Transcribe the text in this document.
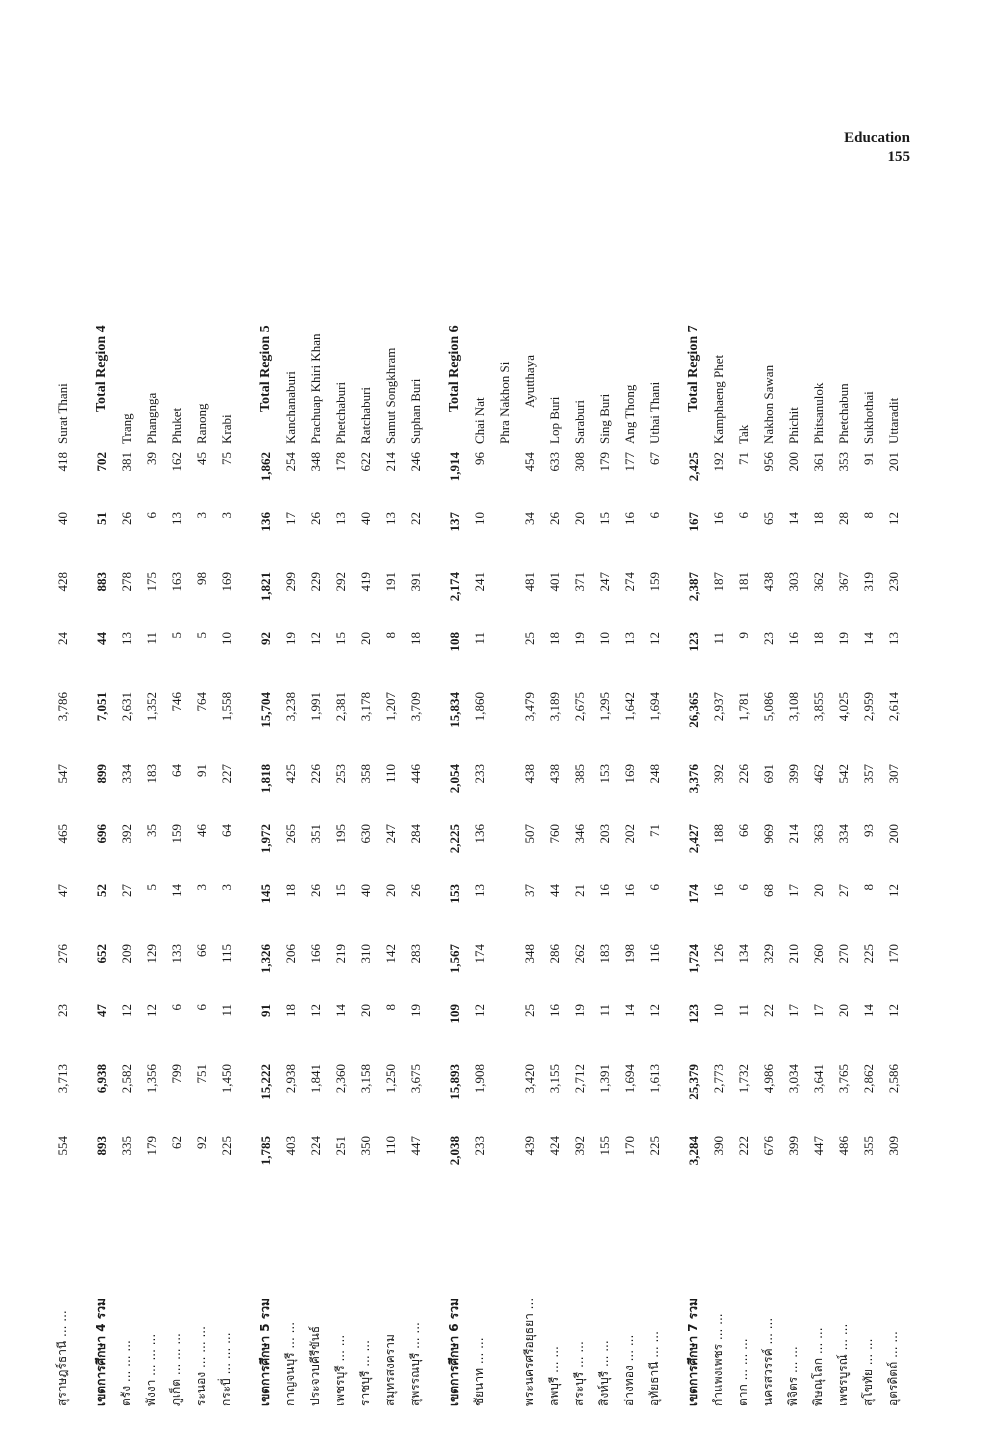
Education
155
สุราษฎร์ธานี ... ...	554	3,713	23	276	47	465	547	3,786	24	428	40	418	Surat Thani

เขตการศึกษา 4 รวม	893	6,938	47	652	52	696	899	7,051	44	883	51	702	Total Region 4
ตรัง ... ... ...	335	2,582	12	209	27	392	334	2,631	13	278	26	381	Trang
พังงา ... ... ...	179	1,356	12	129	5	35	183	1,352	11	175	6	39	Phangnga
ภูเก็ต ... ... ...	62	799	6	133	14	159	64	746	5	163	13	162	Phuket
ระนอง ... ... ...	92	751	6	66	3	46	91	764	5	98	3	45	Ranong
กระบี่ ... ... ...	225	1,450	11	115	3	64	227	1,558	10	169	3	75	Krabi

เขตการศึกษา 5 รวม	1,785	15,222	91	1,326	145	1,972	1,818	15,704	92	1,821	136	1,862	Total Region 5
กาญจนบุรี ... ...	403	2,938	18	206	18	265	425	3,238	19	299	17	254	Kanchanaburi
ประจวบคีรีขันธ์	224	1,841	12	166	26	351	226	1,991	12	229	26	348	Prachuap Khiri Khan
เพชรบุรี ... ...	251	2,360	14	219	15	195	253	2,381	15	292	13	178	Phetchaburi
ราชบุรี ... ...	350	3,158	20	310	40	630	358	3,178	20	419	40	622	Ratchaburi
สมุทรสงคราม	110	1,250	8	142	20	247	110	1,207	8	191	13	214	Samut Songkhram
สุพรรณบุรี ... ...	447	3,675	19	283	26	284	446	3,709	18	391	22	246	Suphan Buri

เขตการศึกษา 6 รวม	2,038	15,893	109	1,567	153	2,225	2,054	15,834	108	2,174	137	1,914	Total Region 6
ชัยนาท ... ...	233	1,908	12	174	13	136	233	1,860	11	241	10	96	Chai Nat
													Phra Nakhon Si
พระนครศรีอยุธยา ...	439	3,420	25	348	37	507	438	3,479	25	481	34	454	Ayutthaya
ลพบุรี ... ...	424	3,155	16	286	44	760	438	3,189	18	401	26	633	Lop Buri
สระบุรี ... ...	392	2,712	19	262	21	346	385	2,675	19	371	20	308	Saraburi
สิงห์บุรี ... ...	155	1,391	11	183	16	203	153	1,295	10	247	15	179	Sing Buri
อ่างทอง ... ...	170	1,694	14	198	16	202	169	1,642	13	274	16	177	Ang Thong
อุทัยธานี ... ...	225	1,613	12	116	6	71	248	1,694	12	159	6	67	Uthai Thani

เขตการศึกษา 7 รวม	3,284	25,379	123	1,724	174	2,427	3,376	26,365	123	2,387	167	2,425	Total Region 7
กำแพงเพชร ... ...	390	2,773	10	126	16	188	392	2,937	11	187	16	192	Kamphaeng Phet
ตาก ... ... ...	222	1,732	11	134	6	66	226	1,781	9	181	6	71	Tak
นครสวรรค์ ... ...	676	4,986	22	329	68	969	691	5,086	23	438	65	956	Nakhon Sawan
พิจิตร ... ...	399	3,034	17	210	17	214	399	3,108	16	303	14	200	Phichit
พิษณุโลก ... ...	447	3,641	17	260	20	363	462	3,855	18	362	18	361	Phitsanulok
เพชรบูรณ์ ... ...	486	3,765	20	270	27	334	542	4,025	19	367	28	353	Phetchabun
สุโขทัย ... ...	355	2,862	14	225	8	93	357	2,959	14	319	8	91	Sukhothai
อุตรดิตถ์ ... ...	309	2,586	12	170	12	200	307	2,614	13	230	12	201	Uttaradit
